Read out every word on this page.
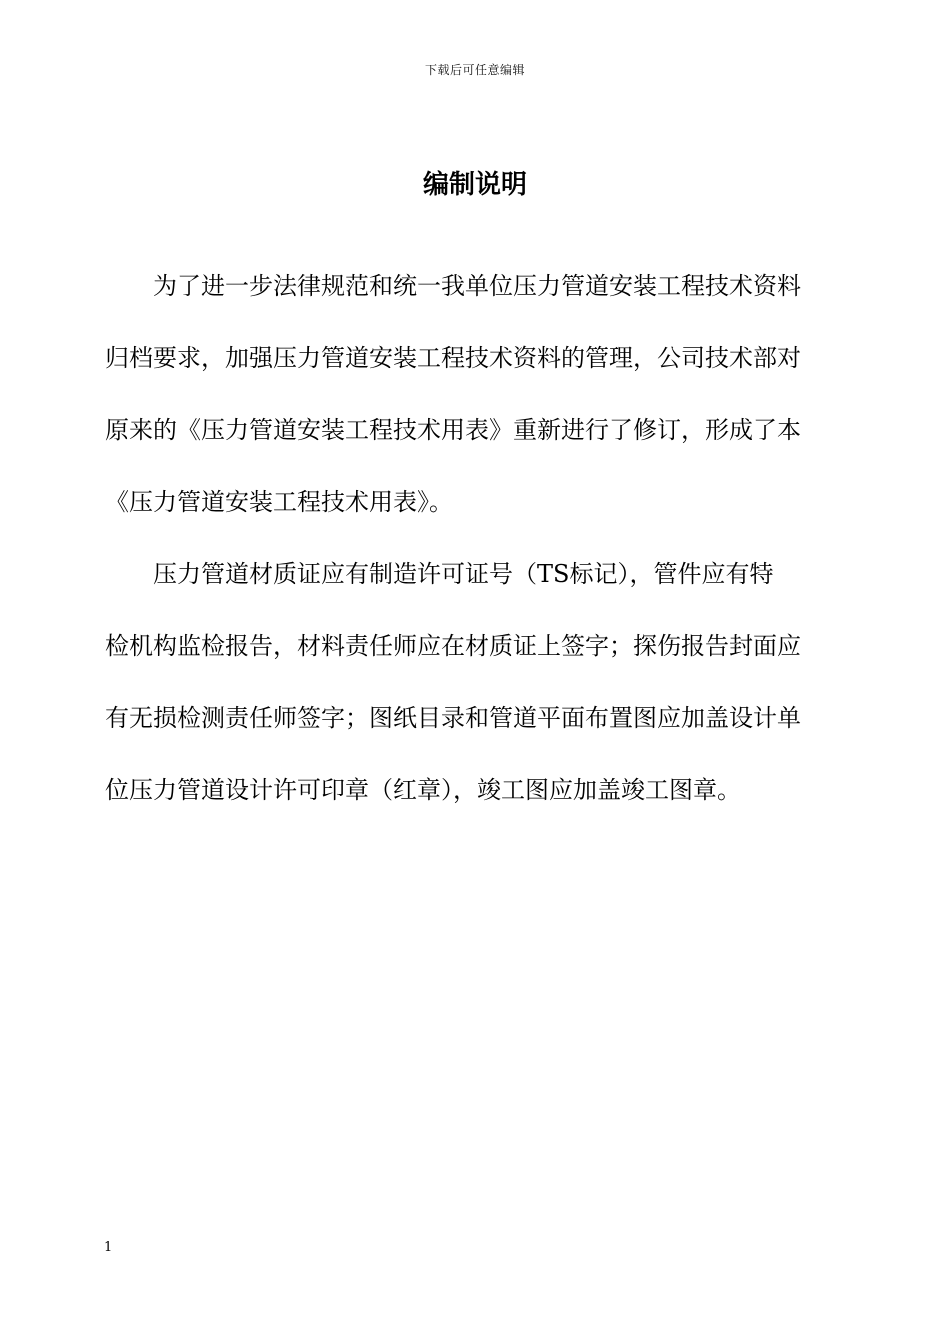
下载后可任意编辑
编制说明
为了进一步法律规范和统一我单位压力管道安装工程技术资料
归档要求，加强压力管道安装工程技术资料的管理，公司技术部对
原来的《压力管道安装工程技术用表》重新进行了修订，形成了本
《压力管道安装工程技术用表》。
压力管道材质证应有制造许可证号（TS标记），管件应有特
检机构监检报告，材料责任师应在材质证上签字；探伤报告封面应
有无损检测责任师签字；图纸目录和管道平面布置图应加盖设计单
位压力管道设计许可印章（红章），竣工图应加盖竣工图章。
1
